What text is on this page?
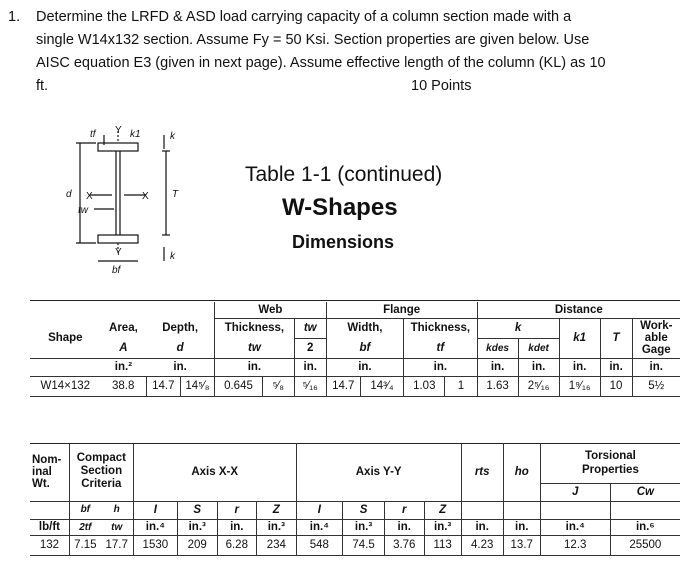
1. Determine the LRFD & ASD load carrying capacity of a column section made with a
single W14x132 section. Assume Fy = 50 Ksi. Section properties are given below. Use
AISC equation E3 (given in next page). Assume effective length of the column (KL) as 10
ft.	10 Points
tf	k1	k
Y
d X	X T
tw
Y
bf
k
Table 1-1 (continued)
W-Shapes
Dimensions
				Web			Flange				Distance				
Shape	Area,	Depth,		Thickness,		tw	Width,		Thickness,		k		k1	T	Work-
able
Gage
	A	d		tw		2	bf		tf		kdes	kdet			
	in.²	in.		in.		in.	in.		in.		in.	in.	in.	in.	in.
W14×132	38.8	14.7	14⁵⁄₈	0.645	⁵⁄₈	⁵⁄₁₆	14.7	14³⁄₄	1.03	1	1.63	2⁵⁄₁₆	1⁹⁄₁₆	10	5½
Nom-
inal
Wt.	Compact
Section
Criteria		Axis X-X				Axis Y-Y				rts	ho	Torsional
Properties	

													J	Cw
	bf	h	I	S	r	Z	I	S	r	Z				
lb/ft	2tf	tw	in.⁴	in.³	in.	in.³	in.⁴	in.³	in.	in.³	in.	in.	in.⁴	in.⁶
132	7.15	17.7	1530	209	6.28	234	548	74.5	3.76	113	4.23	13.7	12.3	25500
